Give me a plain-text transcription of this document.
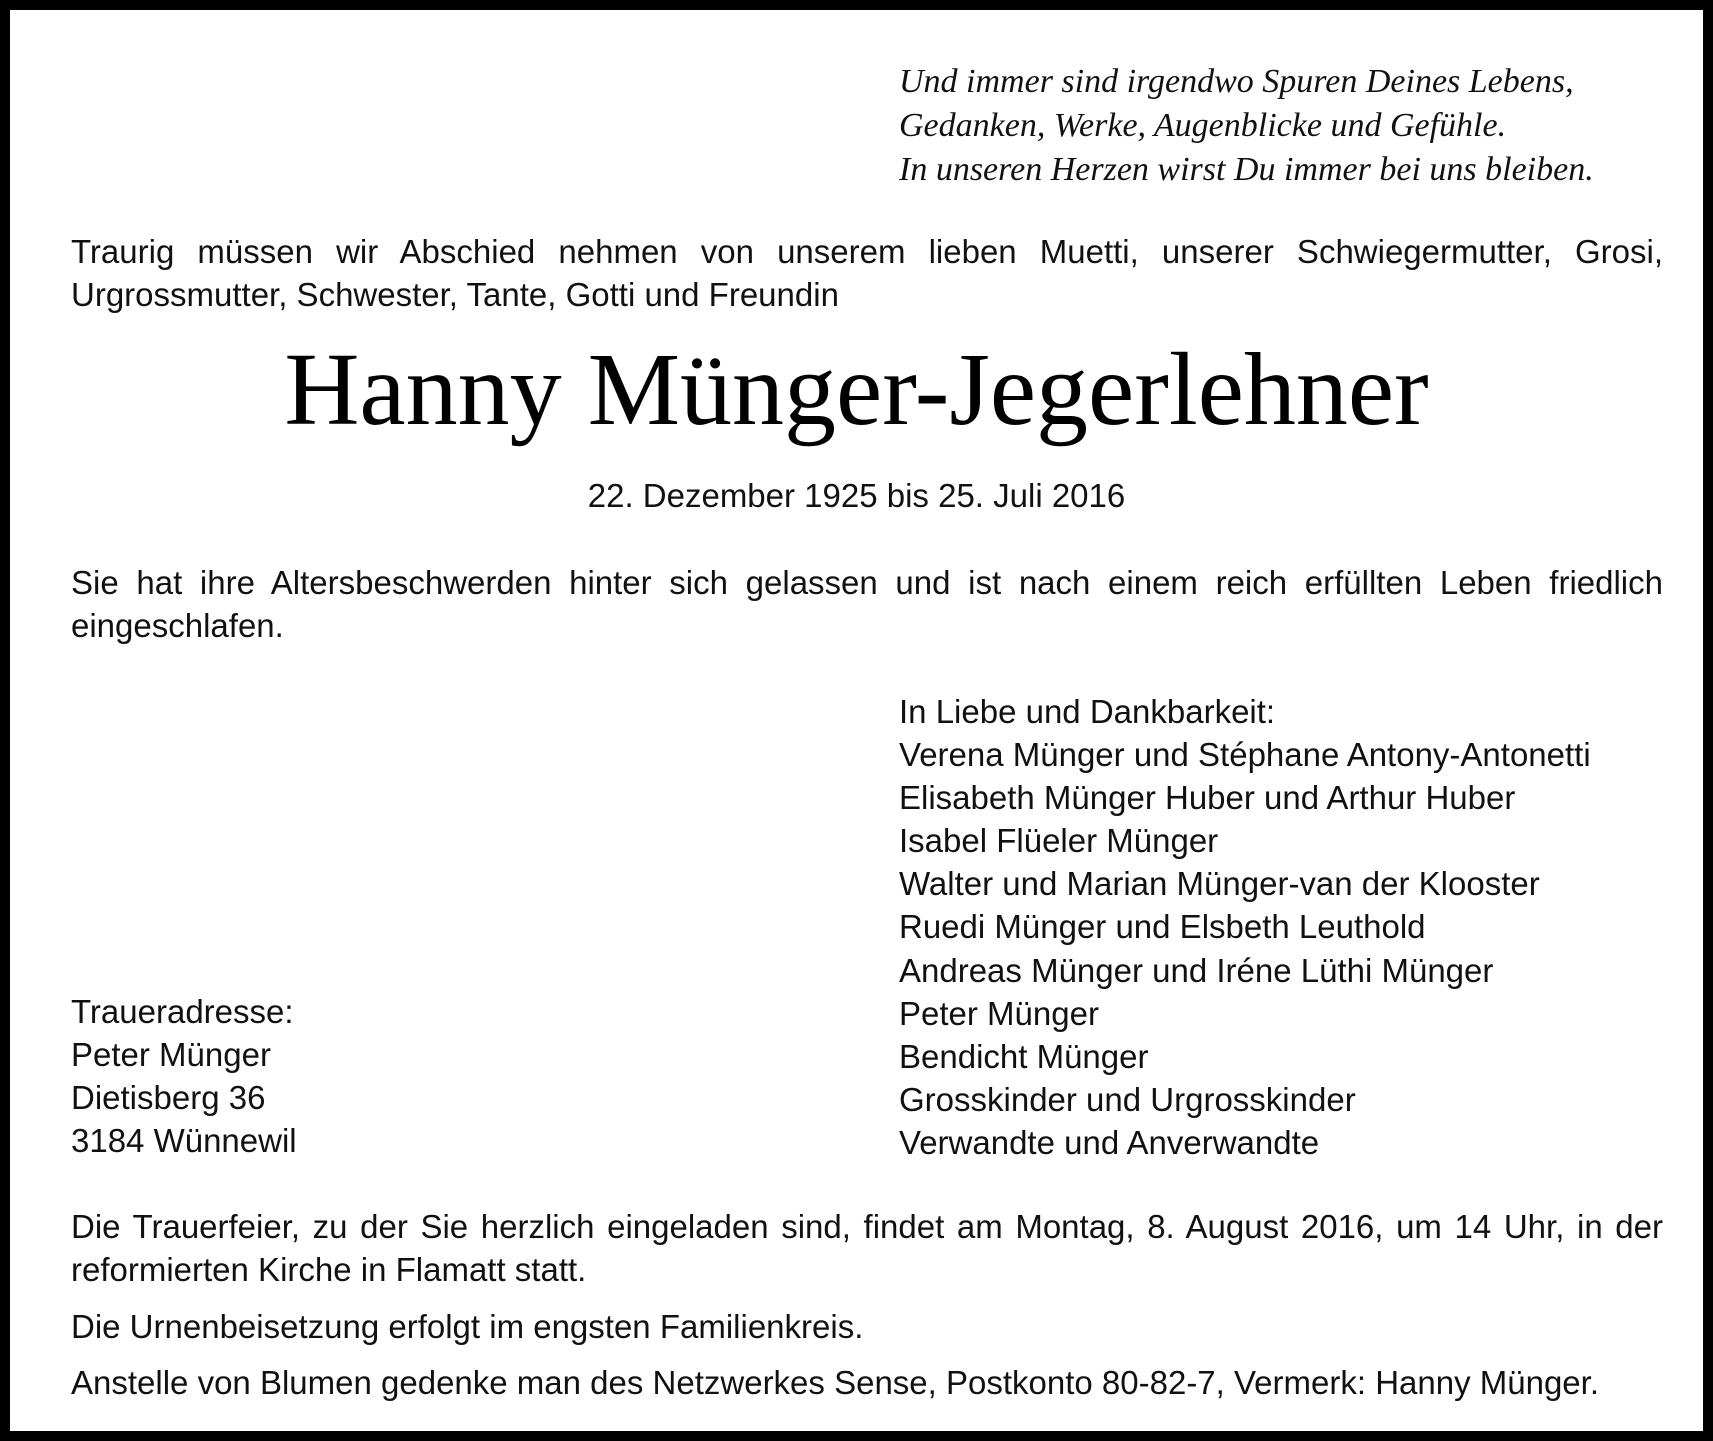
Und immer sind irgendwo Spuren Deines Lebens,
Gedanken, Werke, Augenblicke und Gefühle.
In unseren Herzen wirst Du immer bei uns bleiben.
Traurig müssen wir Abschied nehmen von unserem lieben Muetti, unserer Schwiegermutter, Grosi, Urgrossmutter, Schwester, Tante, Gotti und Freundin
Hanny Münger-Jegerlehner
22. Dezember 1925 bis 25. Juli 2016
Sie hat ihre Altersbeschwerden hinter sich gelassen und ist nach einem reich erfüllten Leben friedlich eingeschlafen.
In Liebe und Dankbarkeit:
Verena Münger und Stéphane Antony-Antonetti
Elisabeth Münger Huber und Arthur Huber
Isabel Flüeler Münger
Walter und Marian Münger-van der Klooster
Ruedi Münger und Elsbeth Leuthold
Andreas Münger und Iréne Lüthi Münger
Peter Münger
Bendicht Münger
Grosskinder und Urgrosskinder
Verwandte und Anverwandte
Traueradresse:
Peter Münger
Dietisberg 36
3184 Wünnewil
Die Trauerfeier, zu der Sie herzlich eingeladen sind, findet am Montag, 8. August 2016, um 14 Uhr, in der reformierten Kirche in Flamatt statt.
Die Urnenbeisetzung erfolgt im engsten Familienkreis.
Anstelle von Blumen gedenke man des Netzwerkes Sense, Postkonto 80-82-7, Vermerk: Hanny Münger.
